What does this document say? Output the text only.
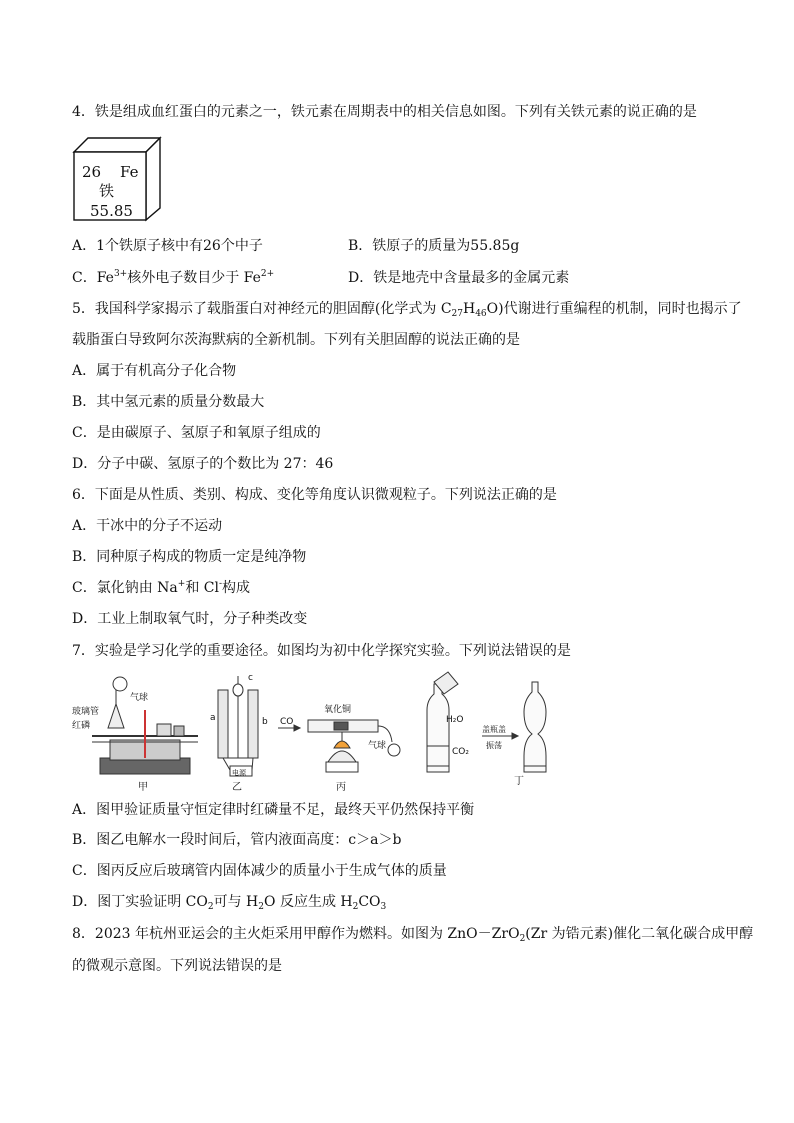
4．铁是组成血红蛋白的元素之一，铁元素在周期表中的相关信息如图。下列有关铁元素的说正确的是
26 Fe
铁
55.85
A．1个铁原子核中有26个中子	B．铁原子的质量为55.85g
C．$Fe^{3+}$核外电子数目少于 $Fe^{2+}$	D．铁是地壳中含量最多的金属元素
5．我国科学家揭示了载脂蛋白对神经元的胆固醇(化学式为 $C_{27}H_{46}O$)代谢进行重编程的机制，同时也揭示了
载脂蛋白导致阿尔茨海默病的全新机制。下列有关胆固醇的说法正确的是
A．属于有机高分子化合物
B．其中氢元素的质量分数最大
C．是由碳原子、氢原子和氧原子组成的
D．分子中碳、氢原子的个数比为 27：46
6．下面是从性质、类别、构成、变化等角度认识微观粒子。下列说法正确的是
A．干冰中的分子不运动
B．同种原子构成的物质一定是纯净物
C．氯化钠由 Na+和 Cl-构成
D．工业上制取氧气时，分子种类改变
7．实验是学习化学的重要途径。如图均为初中化学探究实验。下列说法错误的是
气球
玻璃管
红磷
甲
a	b
c
电源
乙
CO
氧化铜
气球
丙
H₂O
CO₂
盖瓶盖
振荡
丁
A．图甲验证质量守恒定律时红磷量不足，最终天平仍然保持平衡
B．图乙电解水一段时间后，管内液面高度：c＞a＞b
C．图丙反应后玻璃管内固体减少的质量小于生成气体的质量
D．图丁实验证明 $CO_2$可与 $H_2O$ 反应生成 $H_2CO_3$
8．2023 年杭州亚运会的主火炬采用甲醇作为燃料。如图为 ZnO－ZrO$_2$(Zr 为锆元素)催化二氧化碳合成甲醇
的微观示意图。下列说法错误的是
